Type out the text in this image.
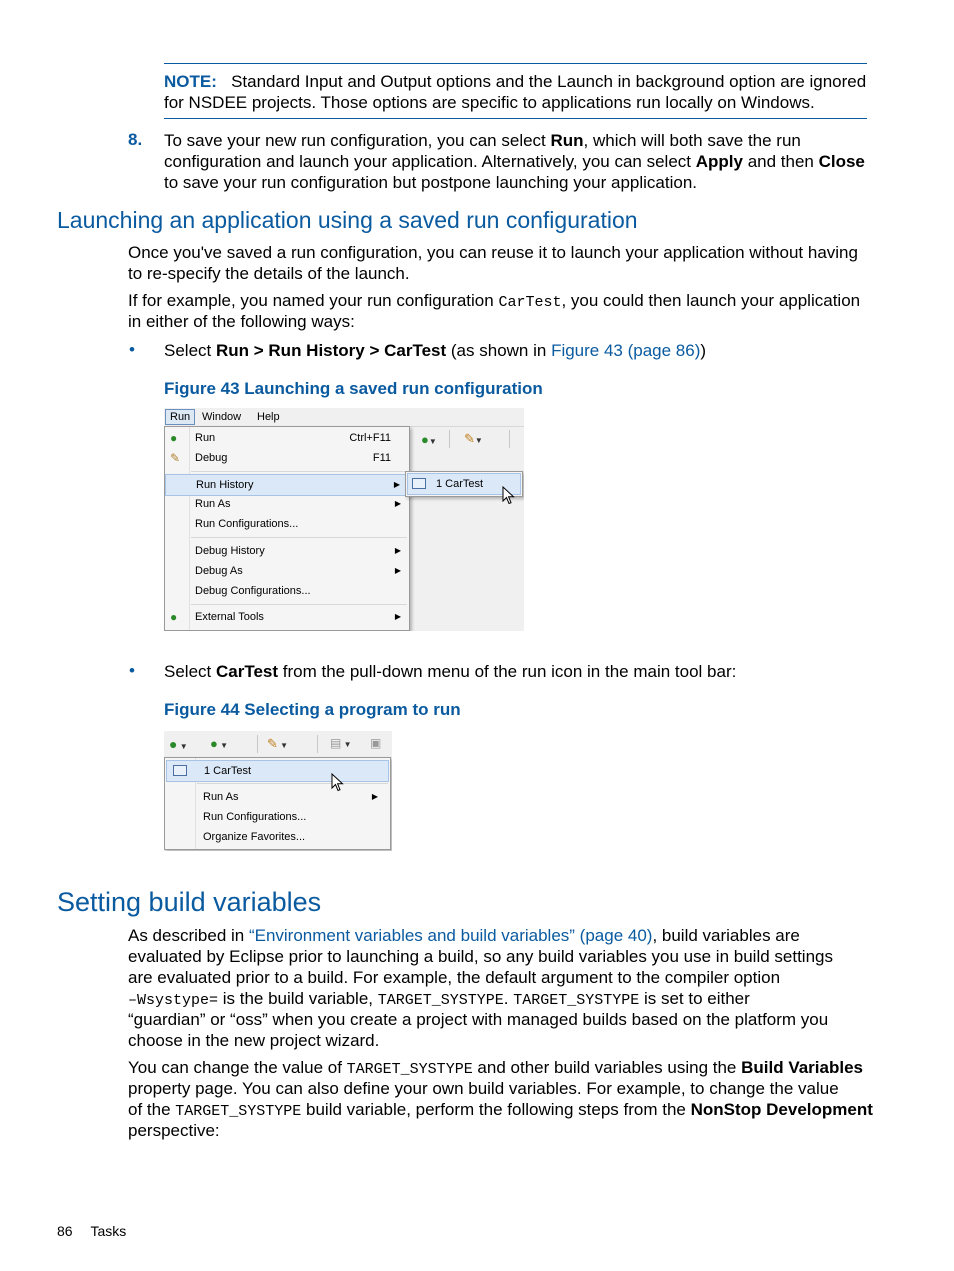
NOTE: Standard Input and Output options and the Launch in background option are ignored

for NSDEE projects. Those options are specific to applications run locally on Windows.

8. To save your new run configuration, you can select Run, which will both save the run

configuration and launch your application. Alternatively, you can select Apply and then Close

to save your run configuration but postpone launching your application.

Launching an application using a saved run configuration

Once you've saved a run configuration, you can reuse it to launch your application without having

to re-specify the details of the launch.

If for example, you named your run configuration CarTest, you could then launch your application

in either of the following ways:

• Select Run > Run History > CarTest (as shown in Figure 43 (page 86))

Figure 43 Launching a saved run configuration
Run	Window Help
●▼ ✎▼
●	Run	Ctrl+F11
✎	Debug	F11
Run History	▶
Run As	▶
Run Configurations...
Debug History	▶
Debug As	▶
Debug Configurations...
●	External Tools	▶
1 CarTest
• Select CarTest from the pull-down menu of the run icon in the main tool bar:

Figure 44 Selecting a program to run
● ▼ ● ▼	✎ ▼	▤ ▼ ▣
1 CarTest
Run As	▶
Run Configurations...
Organize Favorites...
Setting build variables

As described in “Environment variables and build variables” (page 40), build variables are

evaluated by Eclipse prior to launching a build, so any build variables you use in build settings

are evaluated prior to a build. For example, the default argument to the compiler option

–Wsystype= is the build variable, TARGET_SYSTYPE. TARGET_SYSTYPE is set to either

“guardian” or “oss” when you create a project with managed builds based on the platform you

choose in the new project wizard.

You can change the value of TARGET_SYSTYPE and other build variables using the Build Variables

property page. You can also define your own build variables. For example, to change the value

of the TARGET_SYSTYPE build variable, perform the following steps from the NonStop Development

perspective:

86 Tasks
